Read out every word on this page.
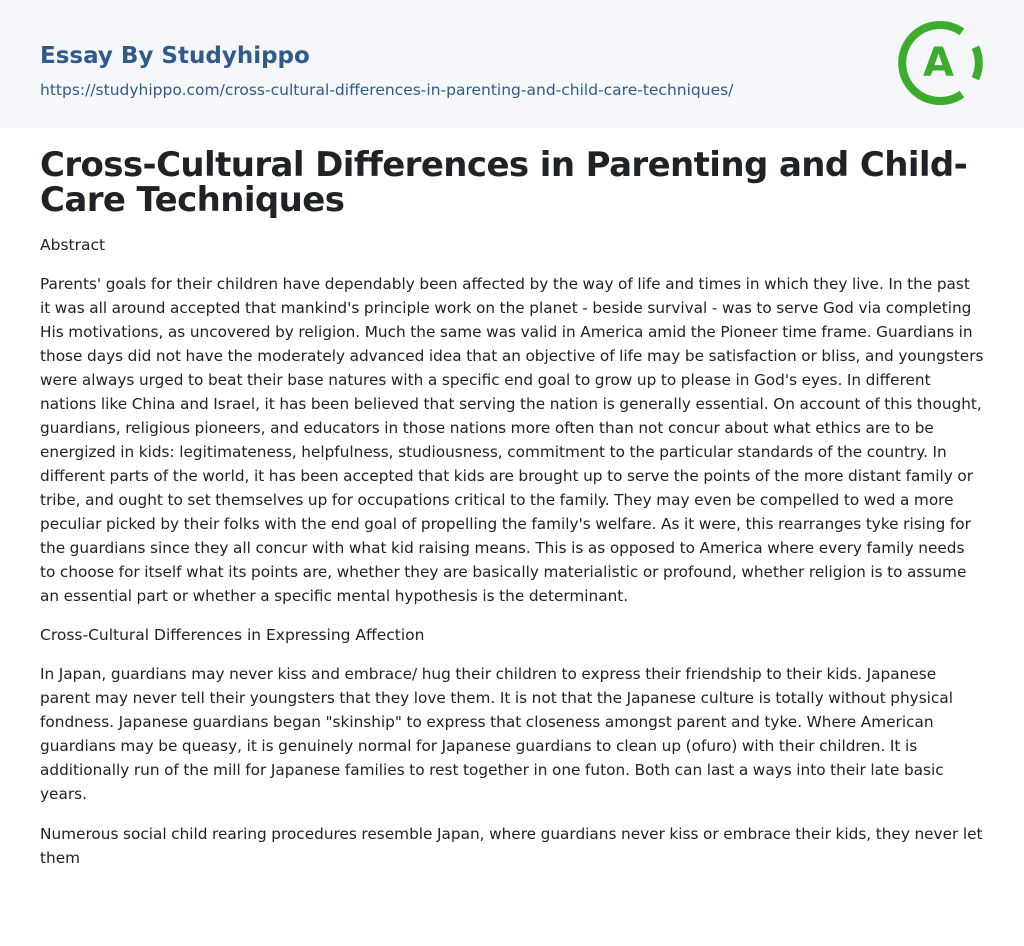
Essay By Studyhippo
https://studyhippo.com/cross-cultural-differences-in-parenting-and-child-care-techniques/
A
Cross-Cultural Differences in Parenting and Child-Care Techniques
Abstract

Parents' goals for their children have dependably been affected by the way of life and times in which they live. In the past it was all around accepted that mankind's principle work on the planet - beside survival - was to serve God via completing His motivations, as uncovered by religion. Much the same was valid in America amid the Pioneer time frame. Guardians in those days did not have the moderately advanced idea that an objective of life may be satisfaction or bliss, and youngsters were always urged to beat their base natures with a specific end goal to grow up to please in God's eyes. In different nations like China and Israel, it has been believed that serving the nation is generally essential. On account of this thought, guardians, religious pioneers, and educators in those nations more often than not concur about what ethics are to be energized in kids: legitimateness, helpfulness, studiousness, commitment to the particular standards of the country. In different parts of the world, it has been accepted that kids are brought up to serve the points of the more distant family or tribe, and ought to set themselves up for occupations critical to the family. They may even be compelled to wed a more peculiar picked by their folks with the end goal of propelling the family's welfare. As it were, this rearranges tyke rising for the guardians since they all concur with what kid raising means. This is as opposed to America where every family needs to choose for itself what its points are, whether they are basically materialistic or profound, whether religion is to assume an essential part or whether a specific mental hypothesis is the determinant.

Cross-Cultural Differences in Expressing Affection

In Japan, guardians may never kiss and embrace/ hug their children to express their friendship to their kids. Japanese parent may never tell their youngsters that they love them. It is not that the Japanese culture is totally without physical fondness. Japanese guardians began "skinship" to express that closeness amongst parent and tyke. Where American guardians may be queasy, it is genuinely normal for Japanese guardians to clean up (ofuro) with their children. It is additionally run of the mill for Japanese families to rest together in one futon. Both can last a ways into their late basic years.

Numerous social child rearing procedures resemble Japan, where guardians never kiss or embrace their kids, they never let them
